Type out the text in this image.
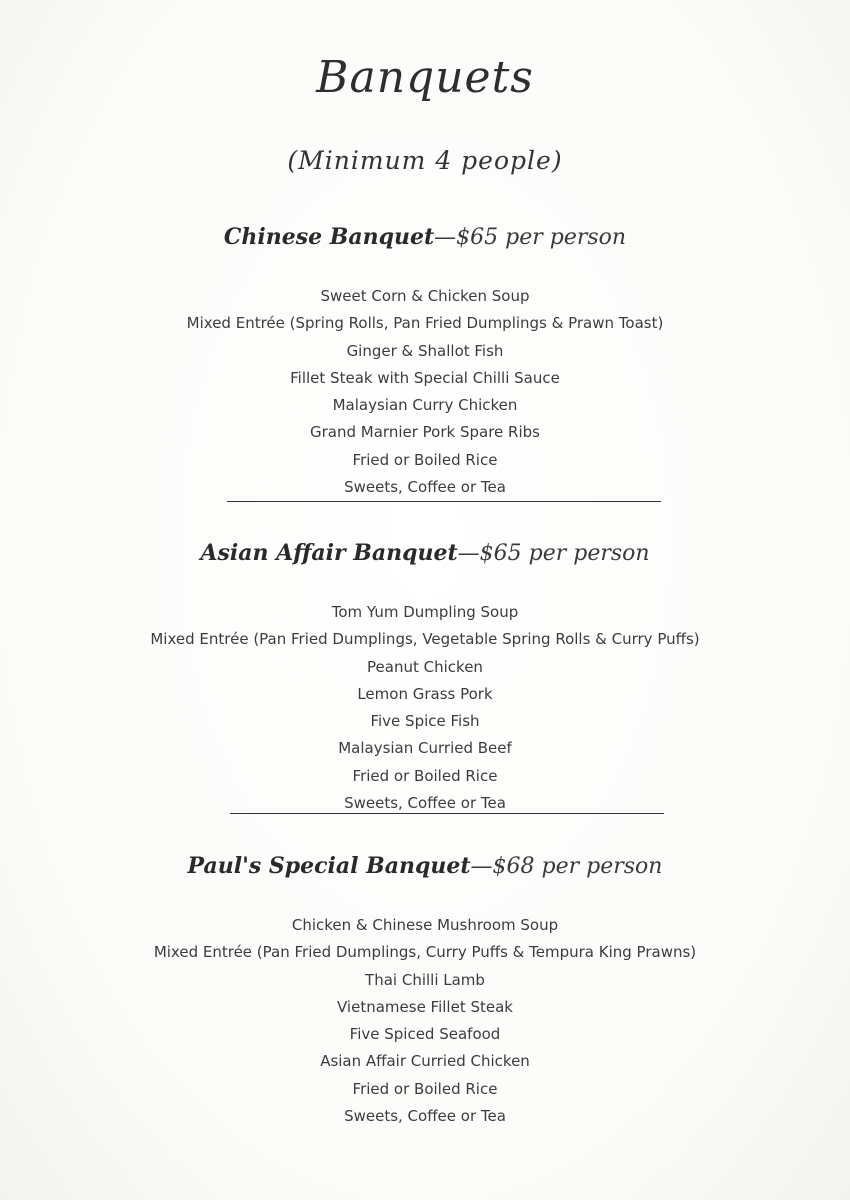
Banquets
(Minimum 4 people)
Chinese Banquet—$65 per person
Sweet Corn & Chicken Soup
Mixed Entrée (Spring Rolls, Pan Fried Dumplings & Prawn Toast)
Ginger & Shallot Fish
Fillet Steak with Special Chilli Sauce
Malaysian Curry Chicken
Grand Marnier Pork Spare Ribs
Fried or Boiled Rice
Sweets, Coffee or Tea
Asian Affair Banquet—$65 per person
Tom Yum Dumpling Soup
Mixed Entrée (Pan Fried Dumplings, Vegetable Spring Rolls & Curry Puffs)
Peanut Chicken
Lemon Grass Pork
Five Spice Fish
Malaysian Curried Beef
Fried or Boiled Rice
Sweets, Coffee or Tea
Paul's Special Banquet—$68 per person
Chicken & Chinese Mushroom Soup
Mixed Entrée (Pan Fried Dumplings, Curry Puffs & Tempura King Prawns)
Thai Chilli Lamb
Vietnamese Fillet Steak
Five Spiced Seafood
Asian Affair Curried Chicken
Fried or Boiled Rice
Sweets, Coffee or Tea
